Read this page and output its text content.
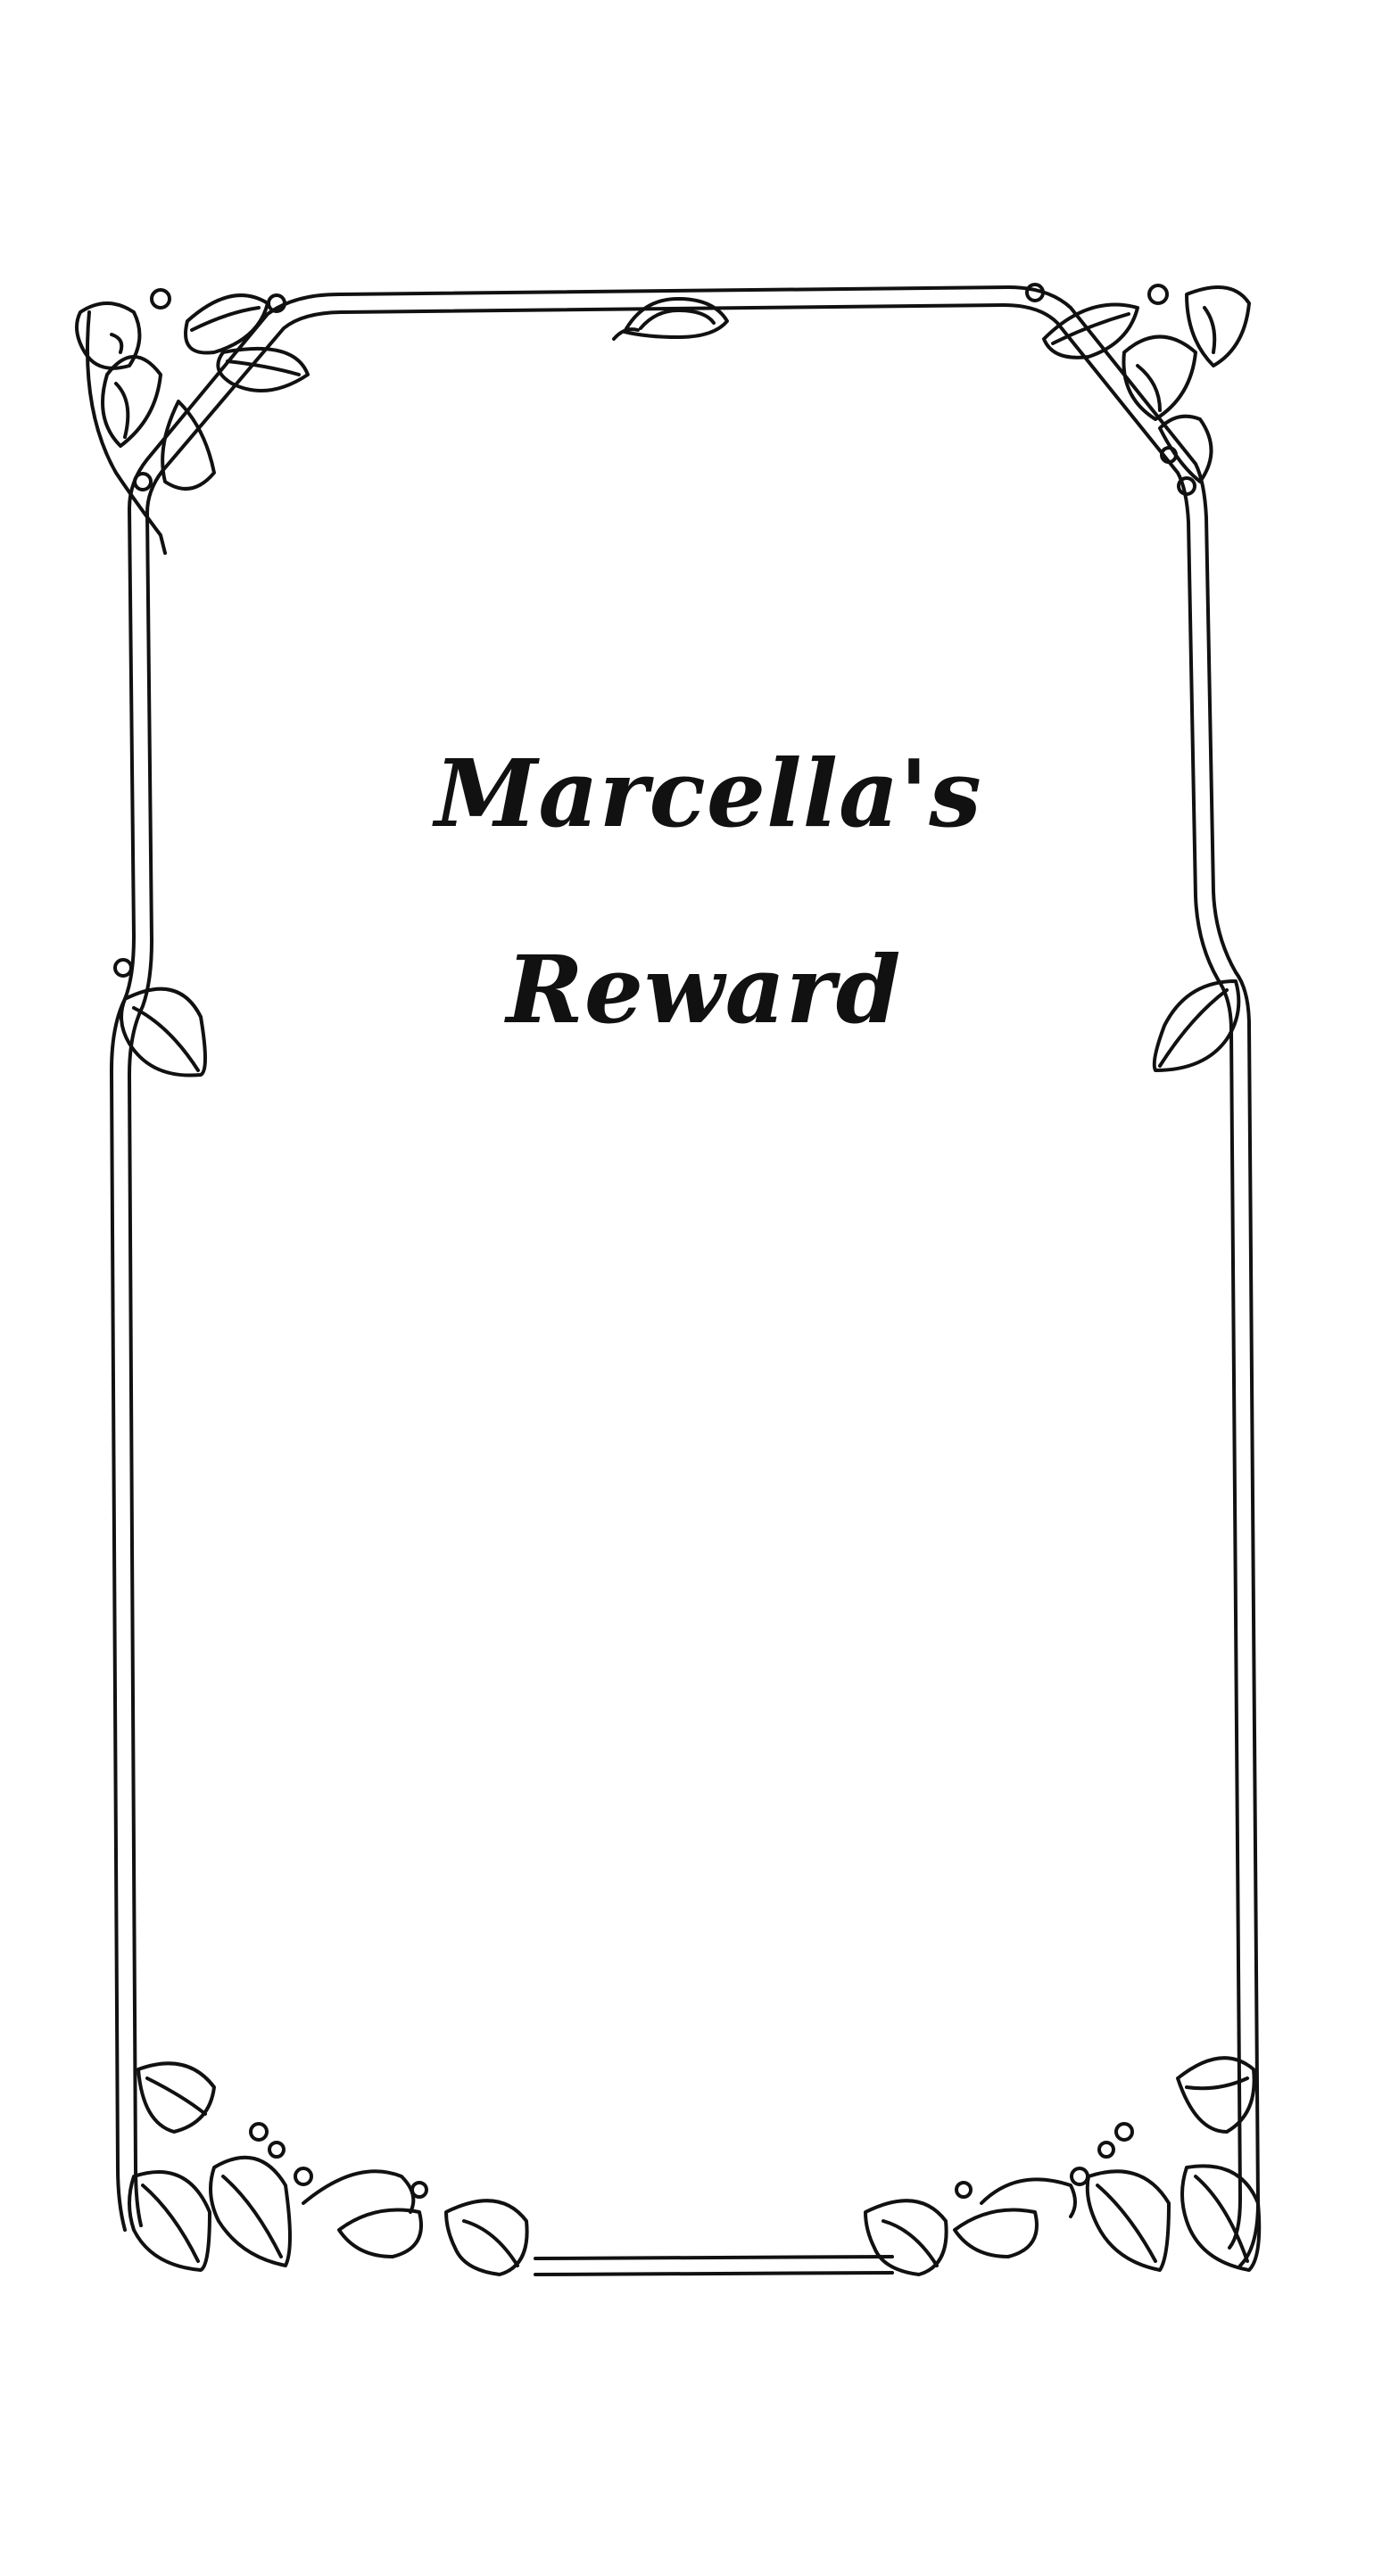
Marcella's
Reward
